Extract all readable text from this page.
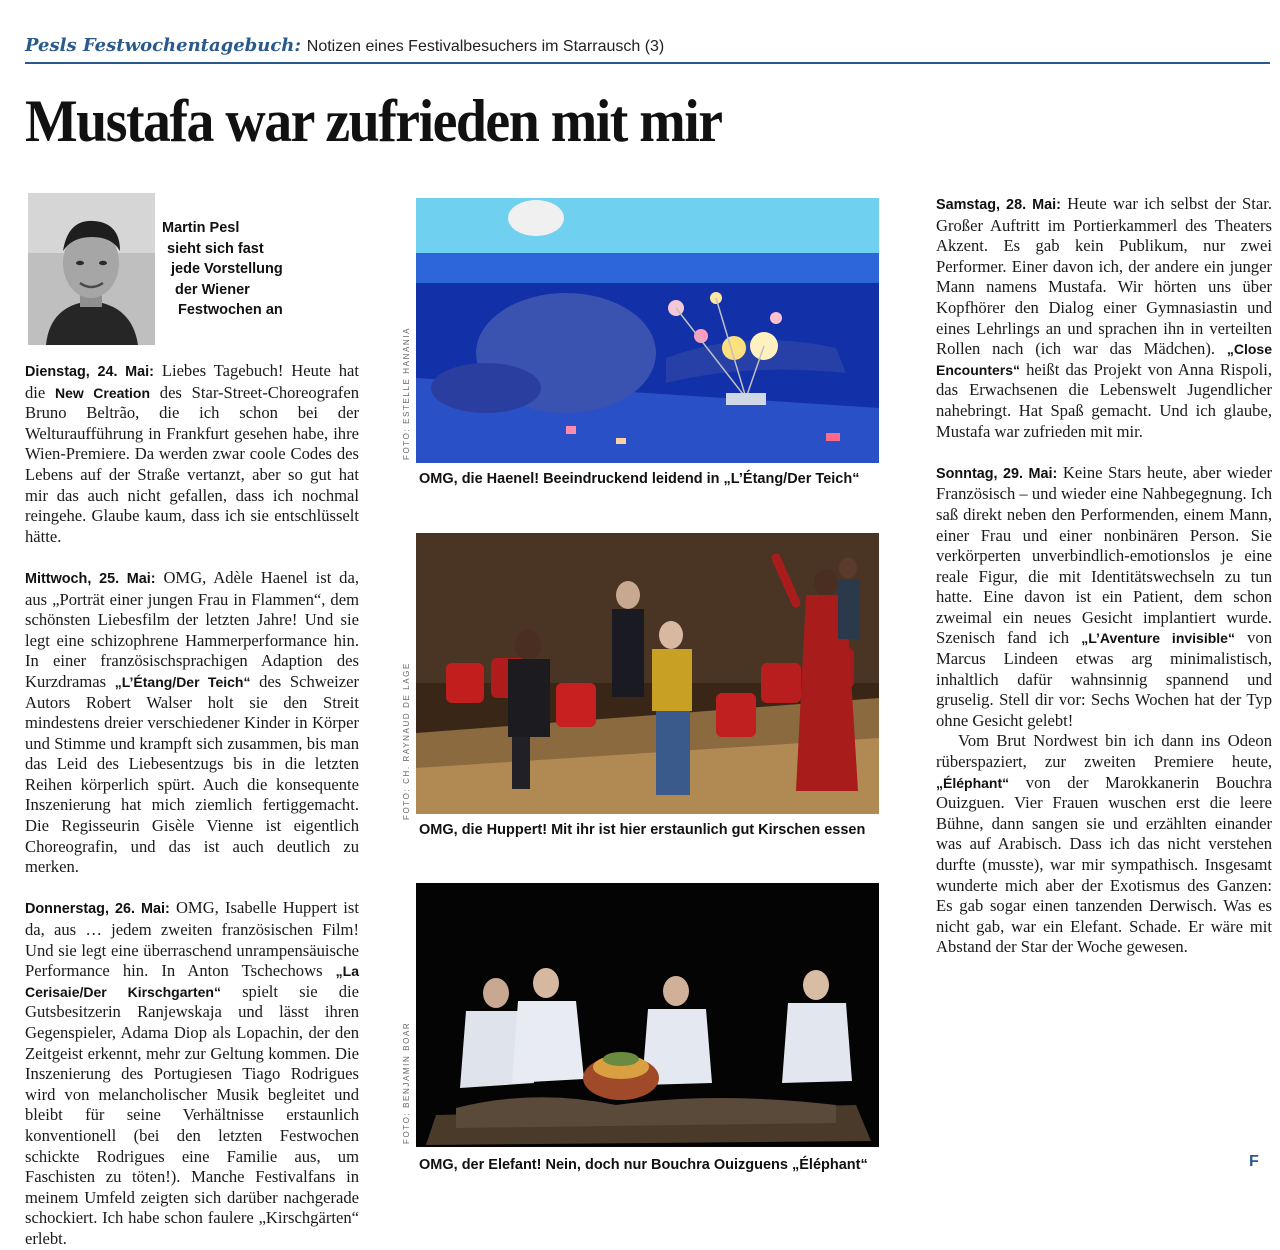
Pesls Festwochentagebuch: Notizen eines Festivalbesuchers im Starrausch (3)
Mustafa war zufrieden mit mir
Martin Pesl
sieht sich fast
jede Vorstellung
der Wiener
Festwochen an

Dienstag, 24. Mai: Liebes Tagebuch! Heute hat die New Creation des Star-Street-Choreografen Bruno Beltrão, die ich schon bei der Welturaufführung in Frankfurt gesehen habe, ihre Wien-Premiere. Da werden zwar coole Codes des Lebens auf der Straße vertanzt, aber so gut hat mir das auch nicht gefallen, dass ich nochmal reingehe. Glaube kaum, dass ich sie entschlüsselt hätte.

Mittwoch, 25. Mai: OMG, Adèle Haenel ist da, aus „Porträt einer jungen Frau in Flammen“, dem schönsten Liebesfilm der letzten Jahre! Und sie legt eine schizophrene Hammerperformance hin. In einer französischsprachigen Adaption des Kurzdramas „L’Étang/Der Teich“ des Schweizer Autors Robert Walser holt sie den Streit mindestens dreier verschiedener Kinder in Körper und Stimme und krampft sich zusammen, bis man das Leid des Liebesentzugs bis in die letzten Reihen körperlich spürt. Auch die konsequente Inszenierung hat mich ziemlich fertiggemacht. Die Regisseurin Gisèle Vienne ist eigentlich Choreografin, und das ist auch deutlich zu merken.

Donnerstag, 26. Mai: OMG, Isabelle Huppert ist da, aus … jedem zweiten französischen Film! Und sie legt eine überraschend unrampensäuische Performance hin. In Anton Tschechows „La Cerisaie/Der Kirschgarten“ spielt sie die Gutsbesitzerin Ranjewskaja und lässt ihren Gegenspieler, Adama Diop als Lopachin, der den Zeitgeist erkennt, mehr zur Geltung kommen. Die Inszenierung des Portugiesen Tiago Rodrigues wird von melancholischer Musik begleitet und bleibt für seine Verhältnisse erstaunlich konventionell (bei den letzten Festwochen schickte Rodrigues eine Familie aus, um Faschisten zu töten!). Manche Festivalfans in meinem Umfeld zeigten sich darüber nachgerade schockiert. Ich habe schon faulere „Kirschgärten“ erlebt.

FOTO: ESTELLE HANANIA
OMG, die Haenel! Beeindruckend leidend in „L’Étang/Der Teich“
FOTO: CH. RAYNAUD DE LAGE
OMG, die Huppert! Mit ihr ist hier erstaunlich gut Kirschen essen
FOTO: BENJAMIN BOAR
OMG, der Elefant! Nein, doch nur Bouchra Ouizguens „Éléphant“

Samstag, 28. Mai: Heute war ich selbst der Star. Großer Auftritt im Portierkammerl des Theaters Akzent. Es gab kein Publikum, nur zwei Performer. Einer davon ich, der andere ein junger Mann namens Mustafa. Wir hörten uns über Kopfhörer den Dialog einer Gymnasiastin und eines Lehrlings an und sprachen ihn in verteilten Rollen nach (ich war das Mädchen). „Close Encounters“ heißt das Projekt von Anna Rispoli, das Erwachsenen die Lebenswelt Jugendlicher nahebringt. Hat Spaß gemacht. Und ich glaube, Mustafa war zufrieden mit mir.

Sonntag, 29. Mai: Keine Stars heute, aber wieder Französisch – und wieder eine Nahbegegnung. Ich saß direkt neben den Performenden, einem Mann, einer Frau und einer nonbinären Person. Sie verkörperten unverbindlich-emotionslos je eine reale Figur, die mit Identitätswechseln zu tun hatte. Eine davon ist ein Patient, dem schon zweimal ein neues Gesicht implantiert wurde. Szenisch fand ich „L’Aventure invisible“ von Marcus Lindeen etwas arg minimalistisch, inhaltlich dafür wahnsinnig spannend und gruselig. Stell dir vor: Sechs Wochen hat der Typ ohne Gesicht gelebt!

Vom Brut Nordwest bin ich dann ins Odeon rüberspaziert, zur zweiten Premiere heute, „Éléphant“ von der Marokkanerin Bouchra Ouizguen. Vier Frauen wuschen erst die leere Bühne, dann sangen sie und erzählten einander was auf Arabisch. Dass ich das nicht verstehen durfte (musste), war mir sympathisch. Insgesamt wunderte mich aber der Exotismus des Ganzen: Es gab sogar einen tanzenden Derwisch. Was es nicht gab, war ein Elefant. Schade. Er wäre mit Abstand der Star der Woche gewesen.

F
